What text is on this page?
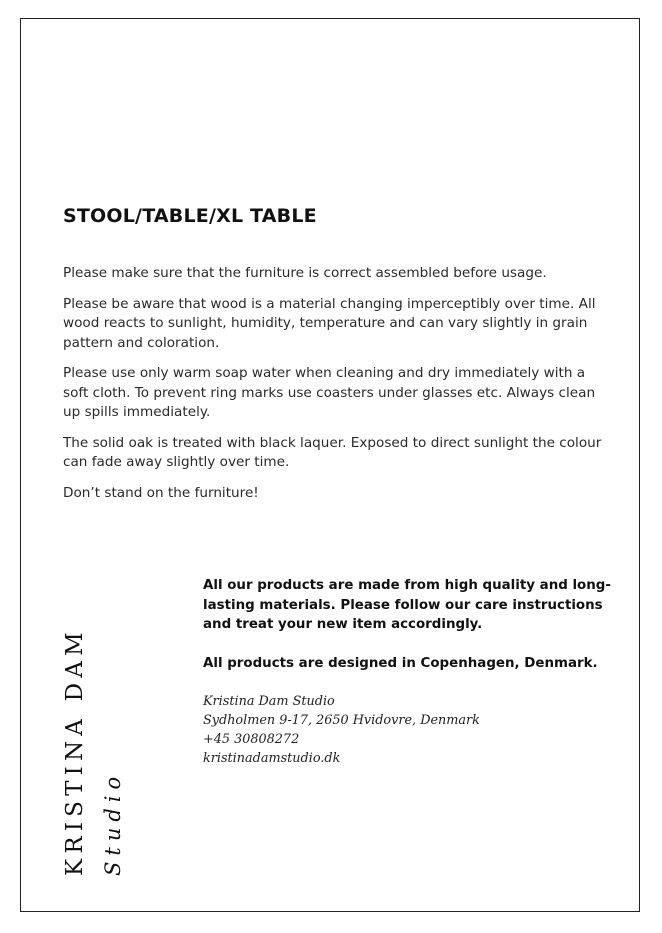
STOOL/TABLE/XL TABLE

Please make sure that the furniture is correct assembled before usage.

Please be aware that wood is a material changing imperceptibly over time. All wood reacts to sunlight, humidity, temperature and can vary slightly in grain pattern and coloration.

Please use only warm soap water when cleaning and dry immediately with a soft cloth. To prevent ring marks use coasters under glasses etc. Always clean up spills immediately.

The solid oak is treated with black laquer. Exposed to direct sunlight the colour can fade away slightly over time.

Don’t stand on the furniture!

KRISTINA DAM Studio

All our products are made from high quality and long-lasting materials. Please follow our care instructions and treat your new item accordingly.

All products are designed in Copenhagen, Denmark.

Kristina Dam Studio
Sydholmen 9-17, 2650 Hvidovre, Denmark
+45 30808272
kristinadamstudio.dk
